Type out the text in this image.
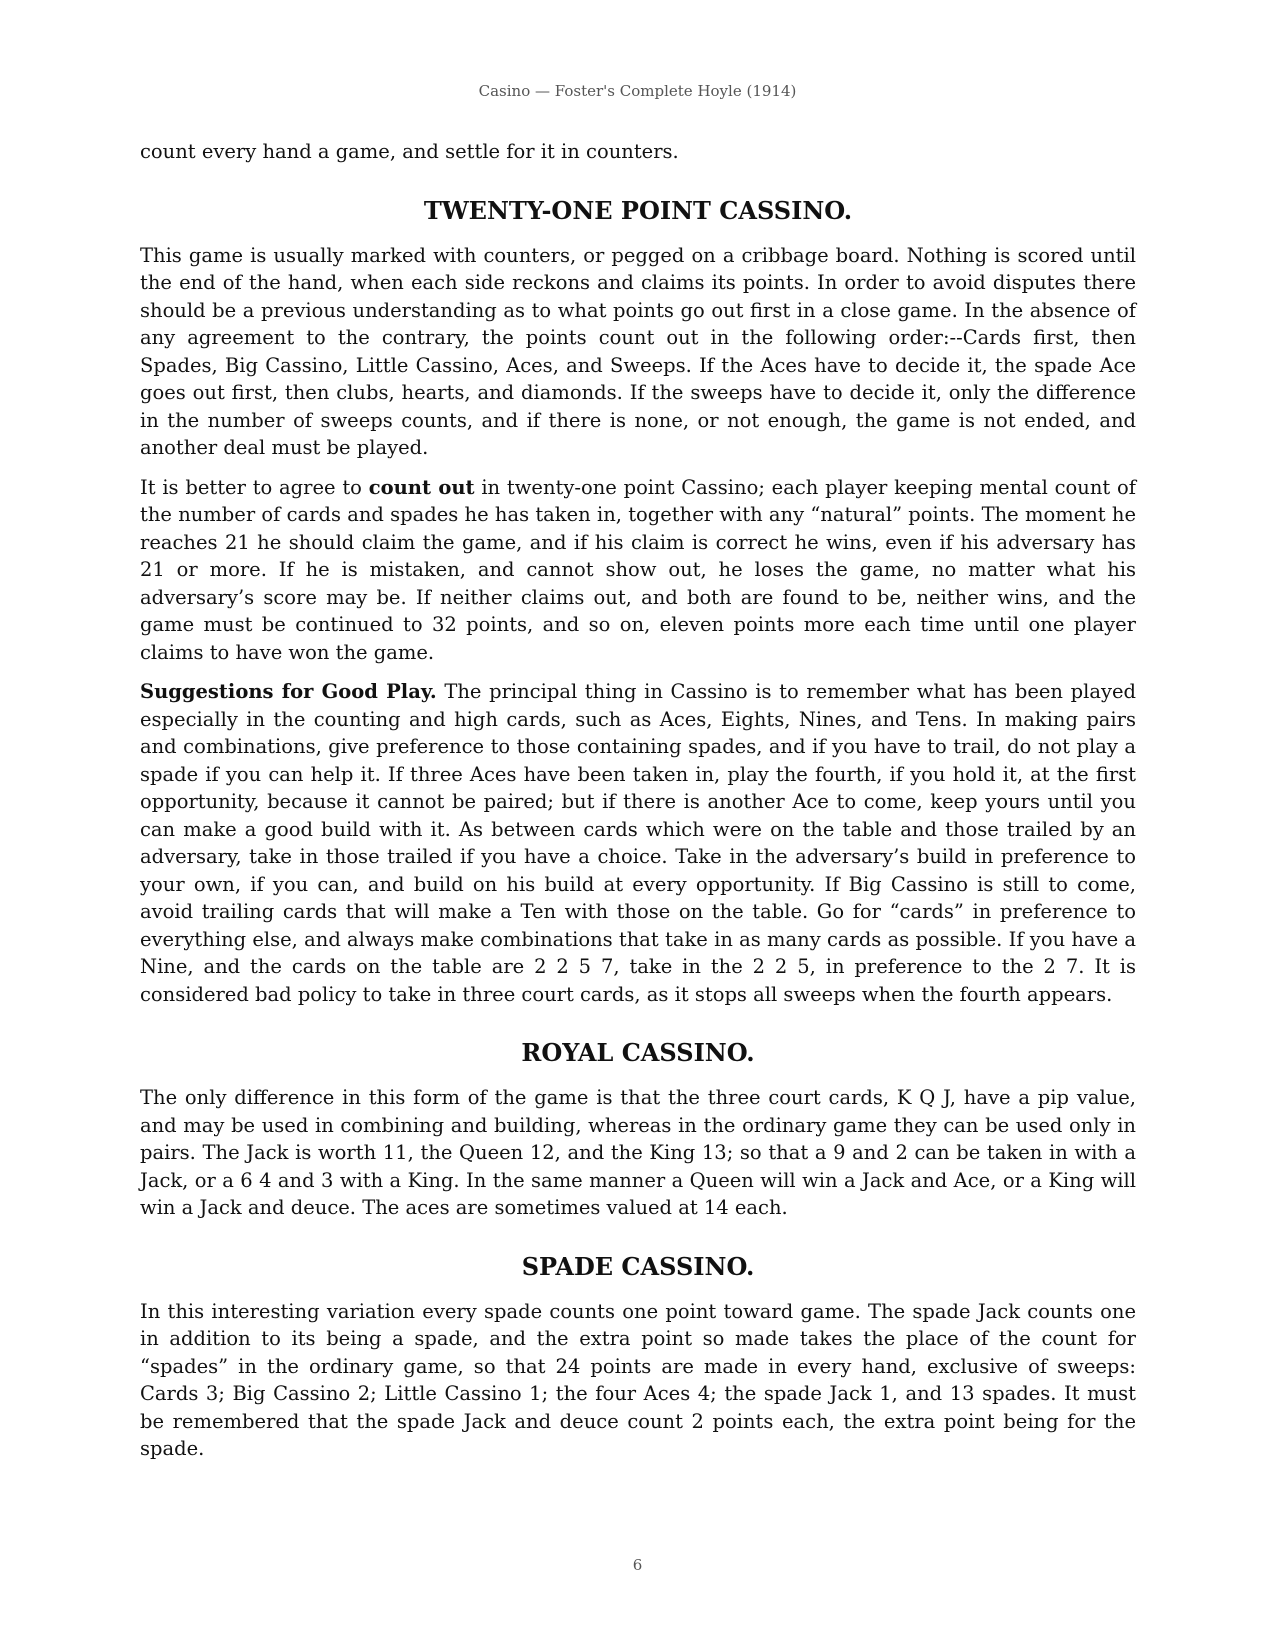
Casino — Foster's Complete Hoyle (1914)

count every hand a game, and settle for it in counters.

TWENTY-ONE POINT CASSINO.

This game is usually marked with counters, or pegged on a cribbage board. Nothing is scored until the end of the hand, when each side reckons and claims its points. In order to avoid disputes there should be a previous understanding as to what points go out first in a close game. In the absence of any agreement to the contrary, the points count out in the following order:--Cards first, then Spades, Big Cassino, Little Cassino, Aces, and Sweeps. If the Aces have to decide it, the spade Ace goes out first, then clubs, hearts, and diamonds. If the sweeps have to decide it, only the difference in the number of sweeps counts, and if there is none, or not enough, the game is not ended, and another deal must be played.

It is better to agree to count out in twenty-one point Cassino; each player keeping mental count of the number of cards and spades he has taken in, together with any “natural” points. The moment he reaches 21 he should claim the game, and if his claim is correct he wins, even if his adversary has 21 or more. If he is mistaken, and cannot show out, he loses the game, no matter what his adversary’s score may be. If neither claims out, and both are found to be, neither wins, and the game must be continued to 32 points, and so on, eleven points more each time until one player claims to have won the game.

Suggestions for Good Play. The principal thing in Cassino is to remember what has been played especially in the counting and high cards, such as Aces, Eights, Nines, and Tens. In making pairs and combinations, give preference to those containing spades, and if you have to trail, do not play a spade if you can help it. If three Aces have been taken in, play the fourth, if you hold it, at the first opportunity, because it cannot be paired; but if there is another Ace to come, keep yours until you can make a good build with it. As between cards which were on the table and those trailed by an adversary, take in those trailed if you have a choice. Take in the adversary’s build in preference to your own, if you can, and build on his build at every opportunity. If Big Cassino is still to come, avoid trailing cards that will make a Ten with those on the table. Go for “cards” in preference to everything else, and always make combinations that take in as many cards as possible. If you have a Nine, and the cards on the table are 2 2 5 7, take in the 2 2 5, in preference to the 2 7. It is considered bad policy to take in three court cards, as it stops all sweeps when the fourth appears.

ROYAL CASSINO.

The only difference in this form of the game is that the three court cards, K Q J, have a pip value, and may be used in combining and building, whereas in the ordinary game they can be used only in pairs. The Jack is worth 11, the Queen 12, and the King 13; so that a 9 and 2 can be taken in with a Jack, or a 6 4 and 3 with a King. In the same manner a Queen will win a Jack and Ace, or a King will win a Jack and deuce. The aces are sometimes valued at 14 each.

SPADE CASSINO.

In this interesting variation every spade counts one point toward game. The spade Jack counts one in addition to its being a spade, and the extra point so made takes the place of the count for “spades” in the ordinary game, so that 24 points are made in every hand, exclusive of sweeps: Cards 3; Big Cassino 2; Little Cassino 1; the four Aces 4; the spade Jack 1, and 13 spades. It must be remembered that the spade Jack and deuce count 2 points each, the extra point being for the spade.

6
